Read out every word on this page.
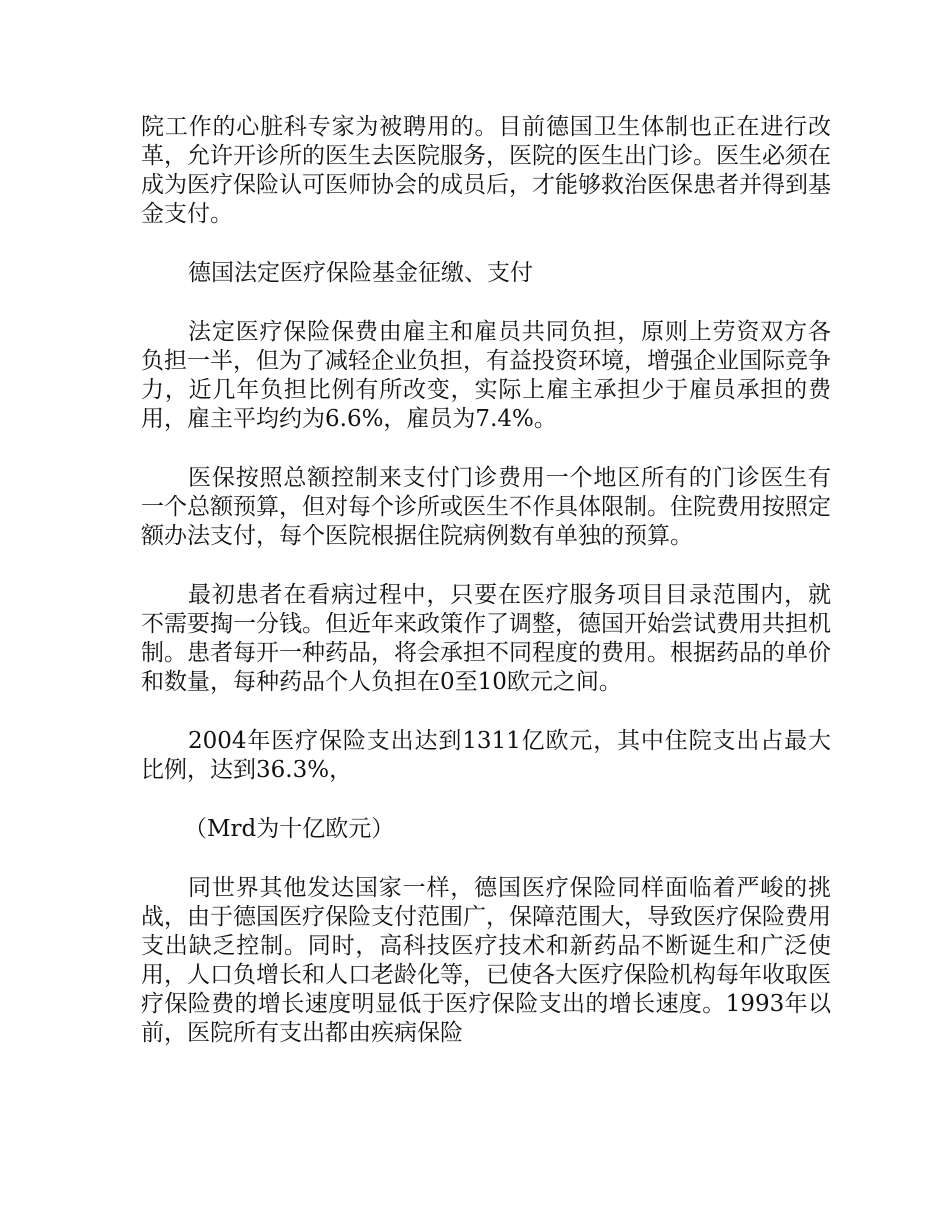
院工作的心脏科专家为被聘用的。目前德国卫生体制也正在进行改革，允许开诊所的医生去医院服务，医院的医生出门诊。医生必须在成为医疗保险认可医师协会的成员后，才能够救治医保患者并得到基金支付。

德国法定医疗保险基金征缴、支付

法定医疗保险保费由雇主和雇员共同负担，原则上劳资双方各负担一半，但为了减轻企业负担，有益投资环境，增强企业国际竞争力，近几年负担比例有所改变，实际上雇主承担少于雇员承担的费用，雇主平均约为6.6%，雇员为7.4%。

医保按照总额控制来支付门诊费用一个地区所有的门诊医生有一个总额预算，但对每个诊所或医生不作具体限制。住院费用按照定额办法支付，每个医院根据住院病例数有单独的预算。

最初患者在看病过程中，只要在医疗服务项目目录范围内，就不需要掏一分钱。但近年来政策作了调整，德国开始尝试费用共担机制。患者每开一种药品，将会承担不同程度的费用。根据药品的单价和数量，每种药品个人负担在0至10欧元之间。

2004年医疗保险支出达到1311亿欧元，其中住院支出占最大比例，达到36.3%，

（Mrd为十亿欧元）

同世界其他发达国家一样，德国医疗保险同样面临着严峻的挑战，由于德国医疗保险支付范围广，保障范围大，导致医疗保险费用支出缺乏控制。同时，高科技医疗技术和新药品不断诞生和广泛使用，人口负增长和人口老龄化等，已使各大医疗保险机构每年收取医疗保险费的增长速度明显低于医疗保险支出的增长速度。1993年以前，医院所有支出都由疾病保险
